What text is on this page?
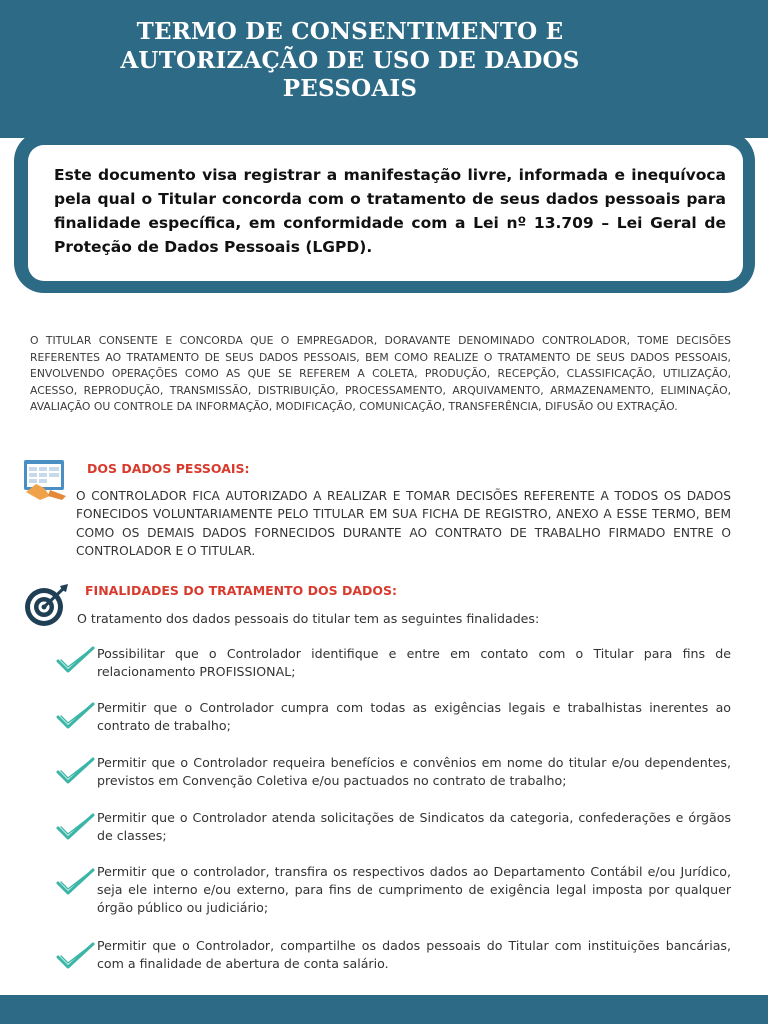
TERMO DE CONSENTIMENTO E AUTORIZAÇÃO DE USO DE DADOS PESSOAIS
Este documento visa registrar a manifestação livre, informada e inequívoca pela qual o Titular concorda com o tratamento de seus dados pessoais para finalidade específica, em conformidade com a Lei nº 13.709 – Lei Geral de Proteção de Dados Pessoais (LGPD).
O TITULAR CONSENTE E CONCORDA QUE O EMPREGADOR, DORAVANTE DENOMINADO CONTROLADOR, TOME DECISÕES REFERENTES AO TRATAMENTO DE SEUS DADOS PESSOAIS, BEM COMO REALIZE O TRATAMENTO DE SEUS DADOS PESSOAIS, ENVOLVENDO OPERAÇÕES COMO AS QUE SE REFEREM A COLETA, PRODUÇÃO, RECEPÇÃO, CLASSIFICAÇÃO, UTILIZAÇÃO, ACESSO, REPRODUÇÃO, TRANSMISSÃO, DISTRIBUIÇÃO, PROCESSAMENTO, ARQUIVAMENTO, ARMAZENAMENTO, ELIMINAÇÃO, AVALIAÇÃO OU CONTROLE DA INFORMAÇÃO, MODIFICAÇÃO, COMUNICAÇÃO, TRANSFERÊNCIA, DIFUSÃO OU EXTRAÇÃO.
DOS DADOS PESSOAIS:
O CONTROLADOR FICA AUTORIZADO A REALIZAR E TOMAR DECISÕES REFERENTE A TODOS OS DADOS FONECIDOS VOLUNTARIAMENTE PELO TITULAR EM SUA FICHA DE REGISTRO, ANEXO A ESSE TERMO, BEM COMO OS DEMAIS DADOS FORNECIDOS DURANTE AO CONTRATO DE TRABALHO FIRMADO ENTRE O CONTROLADOR E O TITULAR.
FINALIDADES DO TRATAMENTO DOS DADOS:
O tratamento dos dados pessoais do titular tem as seguintes finalidades:
Possibilitar que o Controlador identifique e entre em contato com o Titular para fins de relacionamento PROFISSIONAL;
Permitir que o Controlador cumpra com todas as exigências legais e trabalhistas inerentes ao contrato de trabalho;
Permitir que o Controlador requeira benefícios e convênios em nome do titular e/ou dependentes, previstos em Convenção Coletiva e/ou pactuados no contrato de trabalho;
Permitir que o Controlador atenda solicitações de Sindicatos da categoria, confederações e órgãos de classes;
Permitir que o controlador, transfira os respectivos dados ao Departamento Contábil e/ou Jurídico, seja ele interno e/ou externo, para fins de cumprimento de exigência legal imposta por qualquer órgão público ou judiciário;
Permitir que o Controlador, compartilhe os dados pessoais do Titular com instituições bancárias, com a finalidade de abertura de conta salário.
